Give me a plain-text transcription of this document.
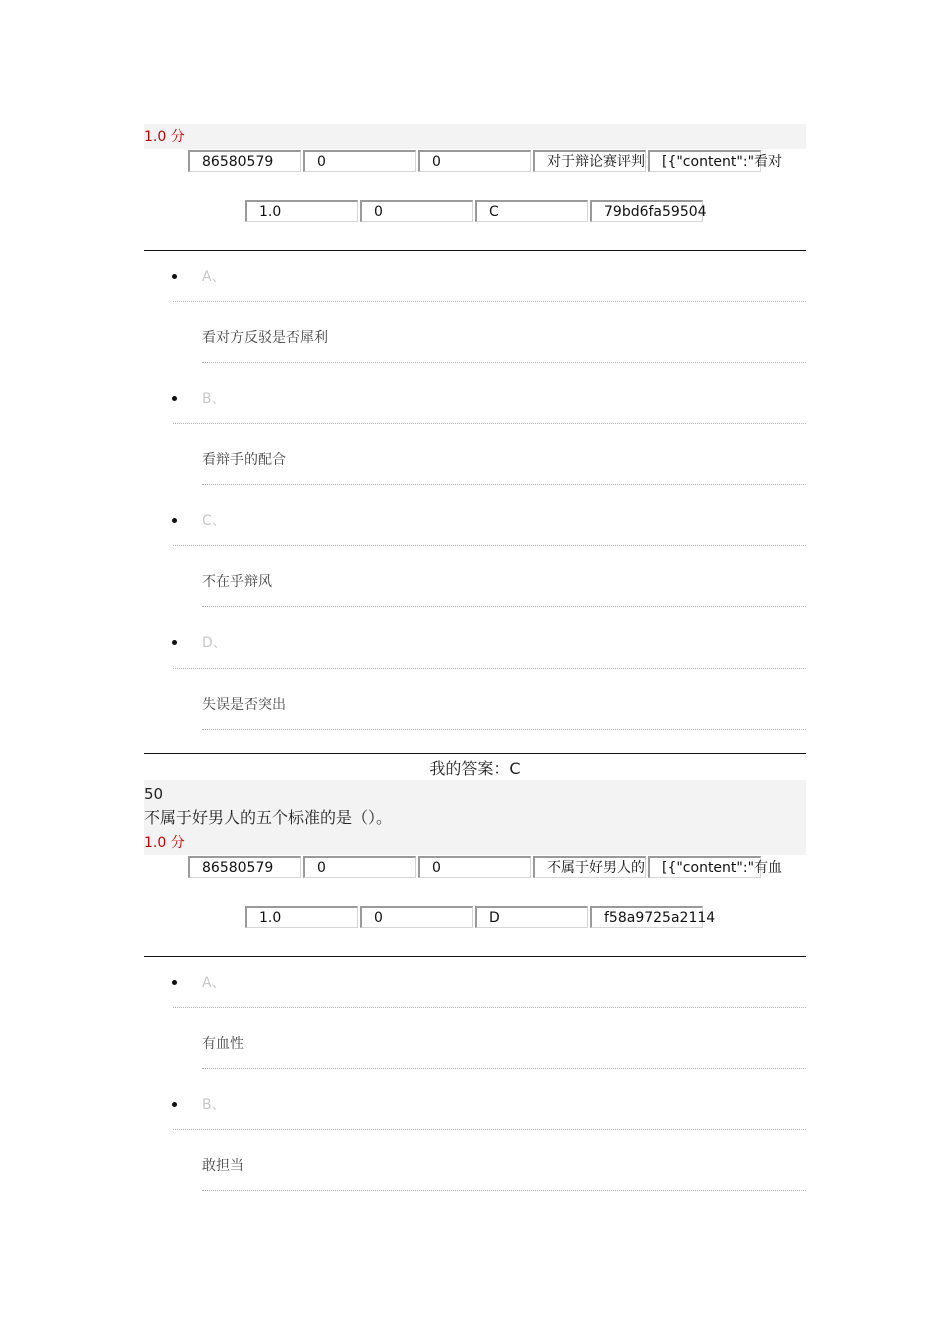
1.0 分
86580579	0	0	对于辩论赛评判	[{"content":"看对
1.0	0	C	79bd6fa59504
A、
看对方反驳是否犀利
B、
看辩手的配合
C、
不在乎辩风
D、
失误是否突出
我的答案：C
50
不属于好男人的五个标准的是（）。
1.0 分
86580579	0	0	不属于好男人的	[{"content":"有血
1.0	0	D	f58a9725a2114
A、
有血性
B、
敢担当
